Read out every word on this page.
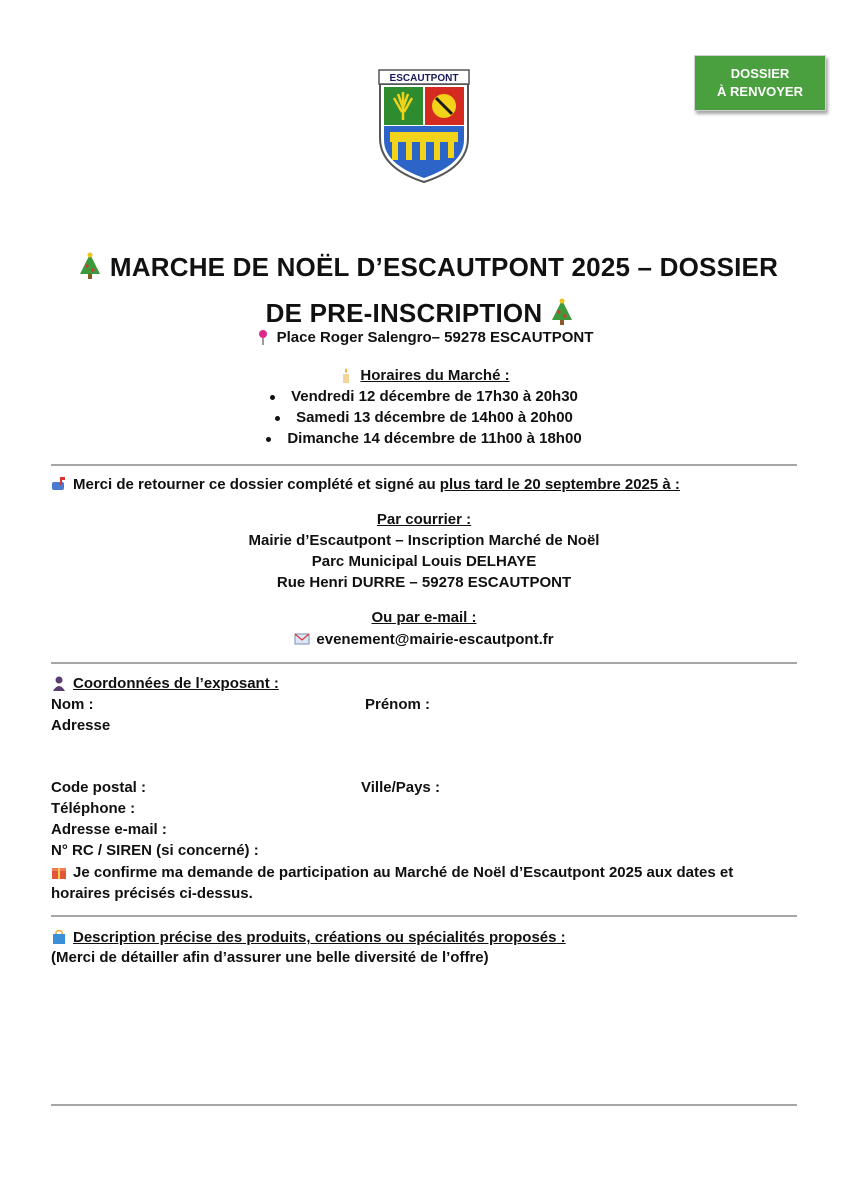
DOSSIER
À RENVOYER
ESCAUTPONT
MARCHE DE NOËL D’ESCAUTPONT 2025 – DOSSIER
DE PRE-INSCRIPTION
Place Roger Salengro– 59278 ESCAUTPONT
Horaires du Marché :
Vendredi 12 décembre de 17h30 à 20h30
Samedi 13 décembre de 14h00 à 20h00
Dimanche 14 décembre de 11h00 à 18h00
Merci de retourner ce dossier complété et signé au plus tard le 20 septembre 2025 à :
Par courrier :
Mairie d’Escautpont – Inscription Marché de Noël
Parc Municipal Louis DELHAYE
Rue Henri DURRE – 59278 ESCAUTPONT
Ou par e-mail :
evenement@mairie-escautpont.fr
Coordonnées de l’exposant :
Nom :	Prénom :
Adresse
Code postal :	Ville/Pays :
Téléphone :
Adresse e-mail :
N° RC / SIREN (si concerné) :
Je confirme ma demande de participation au Marché de Noël d’Escautpont 2025 aux dates et
horaires précisés ci-dessus.
Description précise des produits, créations ou spécialités proposés :
(Merci de détailler afin d’assurer une belle diversité de l’offre)
